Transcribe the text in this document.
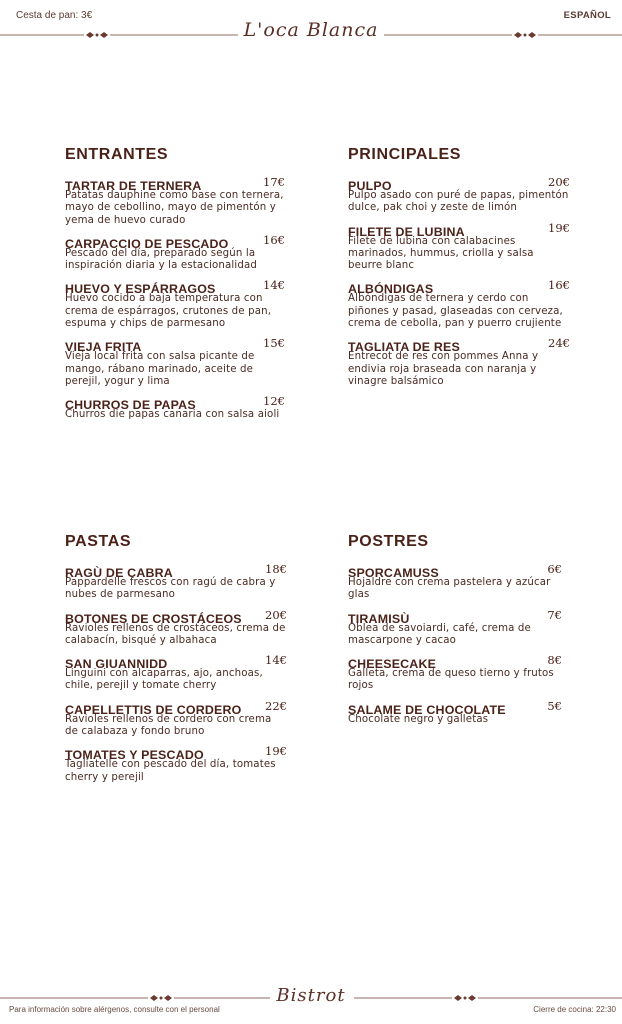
Cesta de pan: 3€	ESPAÑOL
L'oca Blanca
ENTRANTES
TARTAR DE TERNERA	17€
Patatas dauphine como base con ternera, mayo de cebollino, mayo de pimentón y yema de huevo curado
CARPACCIO DE PESCADO	16€
Pescado del día, preparado según la inspiración diaria y la estacionalidad
HUEVO Y ESPÁRRAGOS	14€
Huevo cocido a baja temperatura con crema de espárragos, crutones de pan, espuma y chips de parmesano
VIEJA FRITA	15€
Vieja local frita con salsa picante de mango, rábano marinado, aceite de perejil, yogur y lima
CHURROS DE PAPAS	12€
Churros die papas canaria con salsa aioli
PRINCIPALES
PULPO	20€
Pulpo asado con puré de papas, pimentón dulce, pak choi y zeste de limón
FILETE DE LUBINA	19€
Filete de lubina con calabacines marinados, hummus, criolla y salsa beurre blanc
ALBÓNDIGAS	16€
Albóndigas de ternera y cerdo con piñones y pasad, glaseadas con cerveza, crema de cebolla, pan y puerro crujiente
TAGLIATA DE RES	24€
Entrecot de res con pommes Anna y endivia roja braseada con naranja y vinagre balsámico
PASTAS
RAGÙ DE CABRA	18€
Pappardelle frescos con ragú de cabra y nubes de parmesano
BOTONES DE CROSTÁCEOS 20€
Ravioles rellenos de crostáceos, crema de calabacín, bisqué y albahaca
SAN GIUANNIDD	14€
Linguini con alcaparras, ajo, anchoas, chile, perejil y tomate cherry
CAPELLETTIS DE CORDERO 22€
Ravioles rellenos de cordero con crema de calabaza y fondo bruno
TOMATES Y PESCADO	19€
Tagliatelle con pescado del día, tomates cherry y perejil
POSTRES
SPORCAMUSS	6€
Hojaldre con crema pastelera y azúcar glas
TIRAMISÙ	7€
Oblea de savoiardi, café, crema de mascarpone y cacao
CHEESECAKE	8€
Galleta, crema de queso tierno y frutos rojos
SALAME DE CHOCOLATE	5€
Chocolate negro y galletas
Bistrot
Para información sobre alérgenos, consulte con el personal	Cierre de cocina: 22:30
